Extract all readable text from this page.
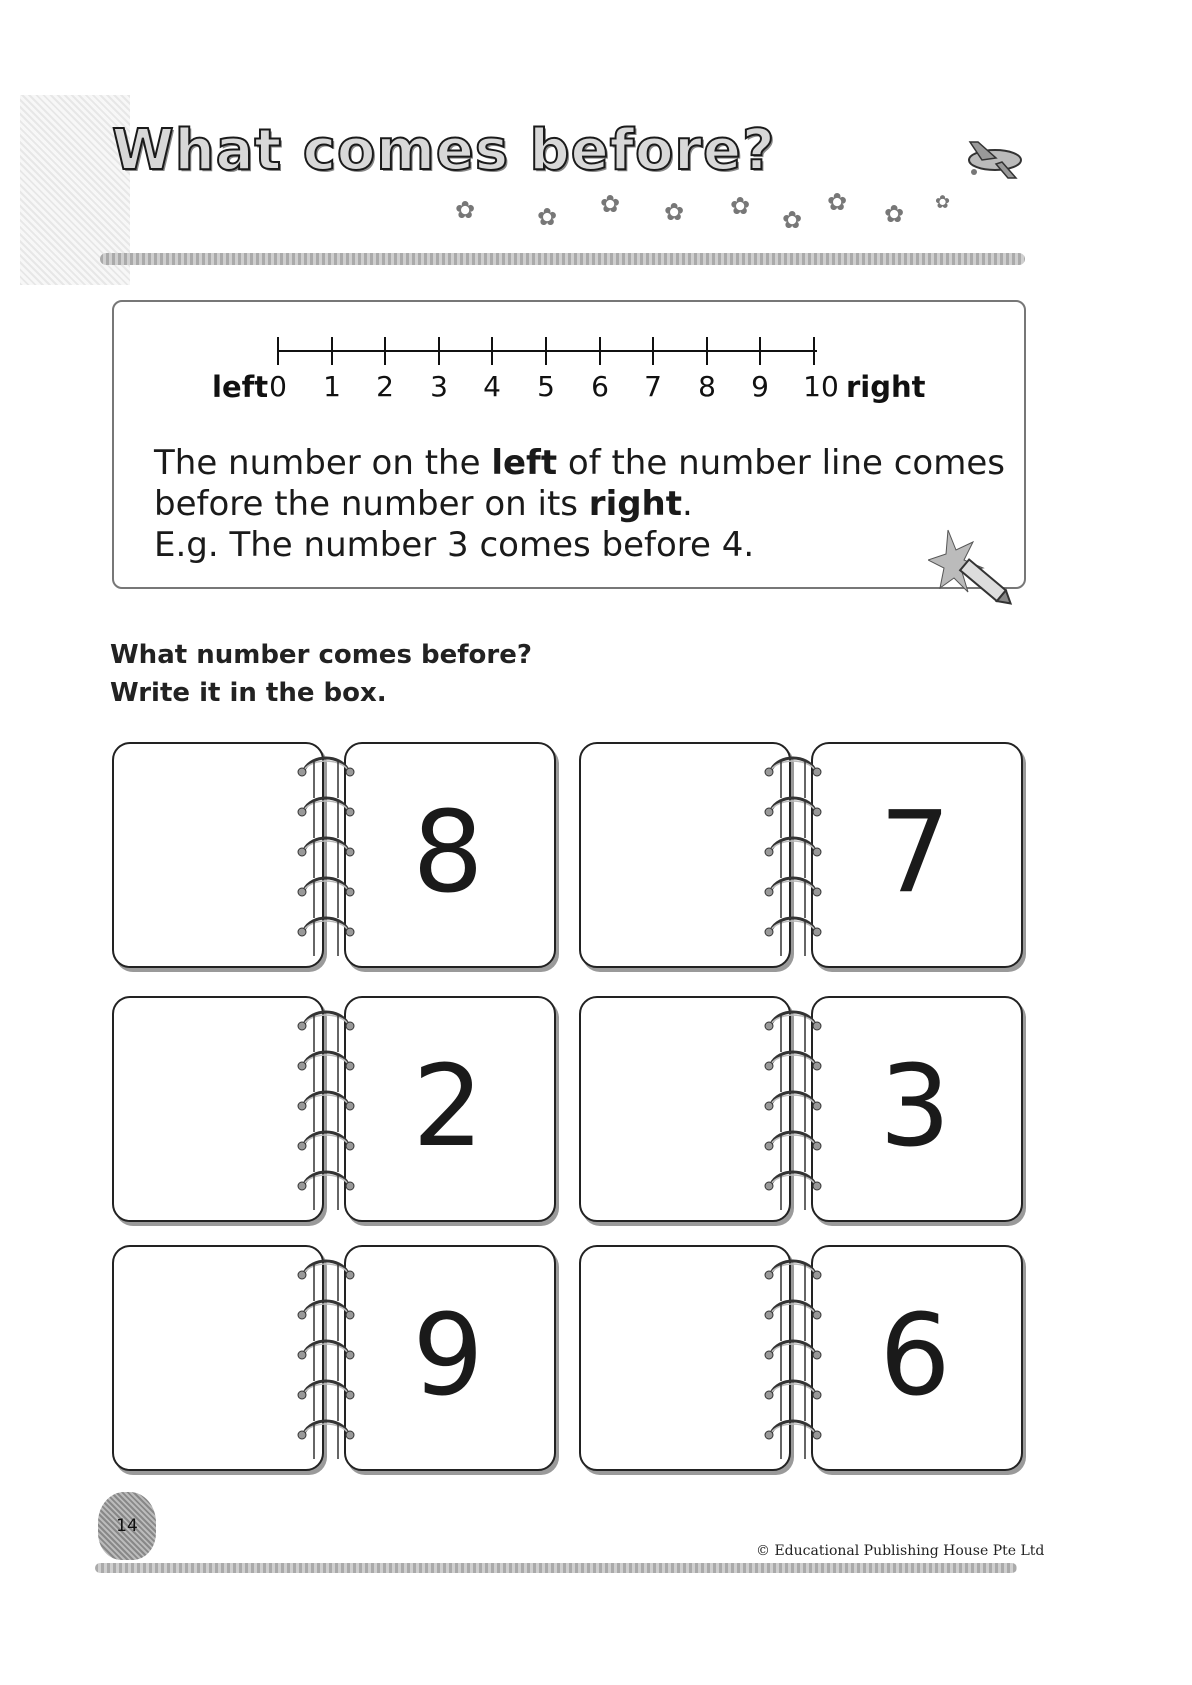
What comes before?
✿	✿ ✿ ✿ ✿ ✿
✿ ✿ ✿
left 0	1	2	3	4	5	6	7	8	9	10 right
The number on the left of the number line comes
before the number on its right.
E.g. The number 3 comes before 4.
What number comes before?
Write it in the box.
8	7
2	3
9	6
14
© Educational Publishing House Pte Ltd
